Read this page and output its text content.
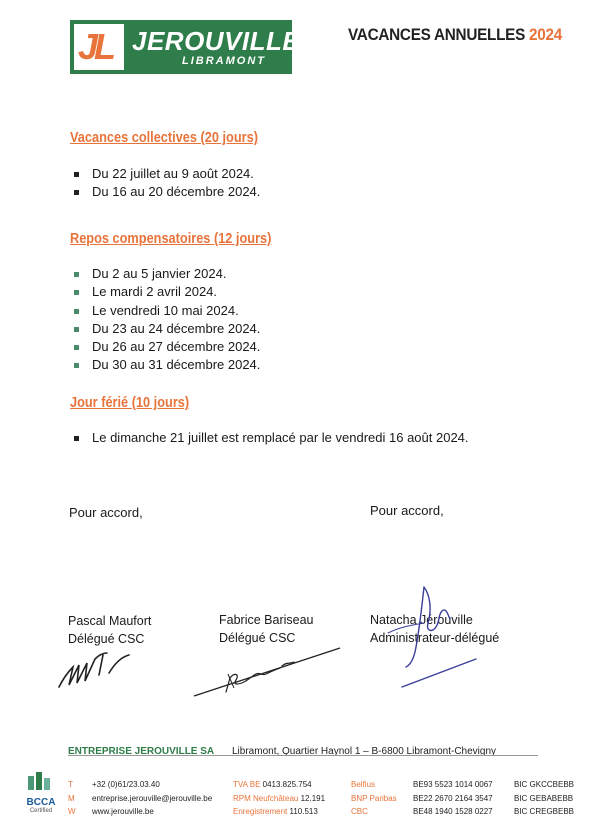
JL JEROUVILLE
LIBRAMONT
VACANCES ANNUELLES 2024
Vacances collectives (20 jours)
Du 22 juillet au 9 août 2024.
Du 16 au 20 décembre 2024.
Repos compensatoires (12 jours)
Du 2 au 5 janvier 2024.
Le mardi 2 avril 2024.
Le vendredi 10 mai 2024.
Du 23 au 24 décembre 2024.
Du 26 au 27 décembre 2024.
Du 30 au 31 décembre 2024.
Jour férié (10 jours)
Le dimanche 21 juillet est remplacé par le vendredi 16 août 2024.
Pour accord,	Pour accord,
Pascal Maufort
Délégué CSC
Fabrice Bariseau
Délégué CSC
Natacha Jérouville
Administrateur-délégué
ENTREPRISE JEROUVILLE SA Libramont, Quartier Haynol 1 – B-6800 Libramont-Chevigny
BCCA
Certified
T +32 (0)61/23.03.40
M entreprise.jerouville@jerouville.be
W www.jerouville.be
TVA BE 0413.825.754
RPM Neufchâteau 12.191
Enregistrement 110.513
Belfius	BE93 5523 1014 0067	BIC GKCCBEBB
BNP Paribas BE22 2670 2164 3547	BIC GEBABEBB
CBC	BE48 1940 1528 0227	BIC CREGBEBB
